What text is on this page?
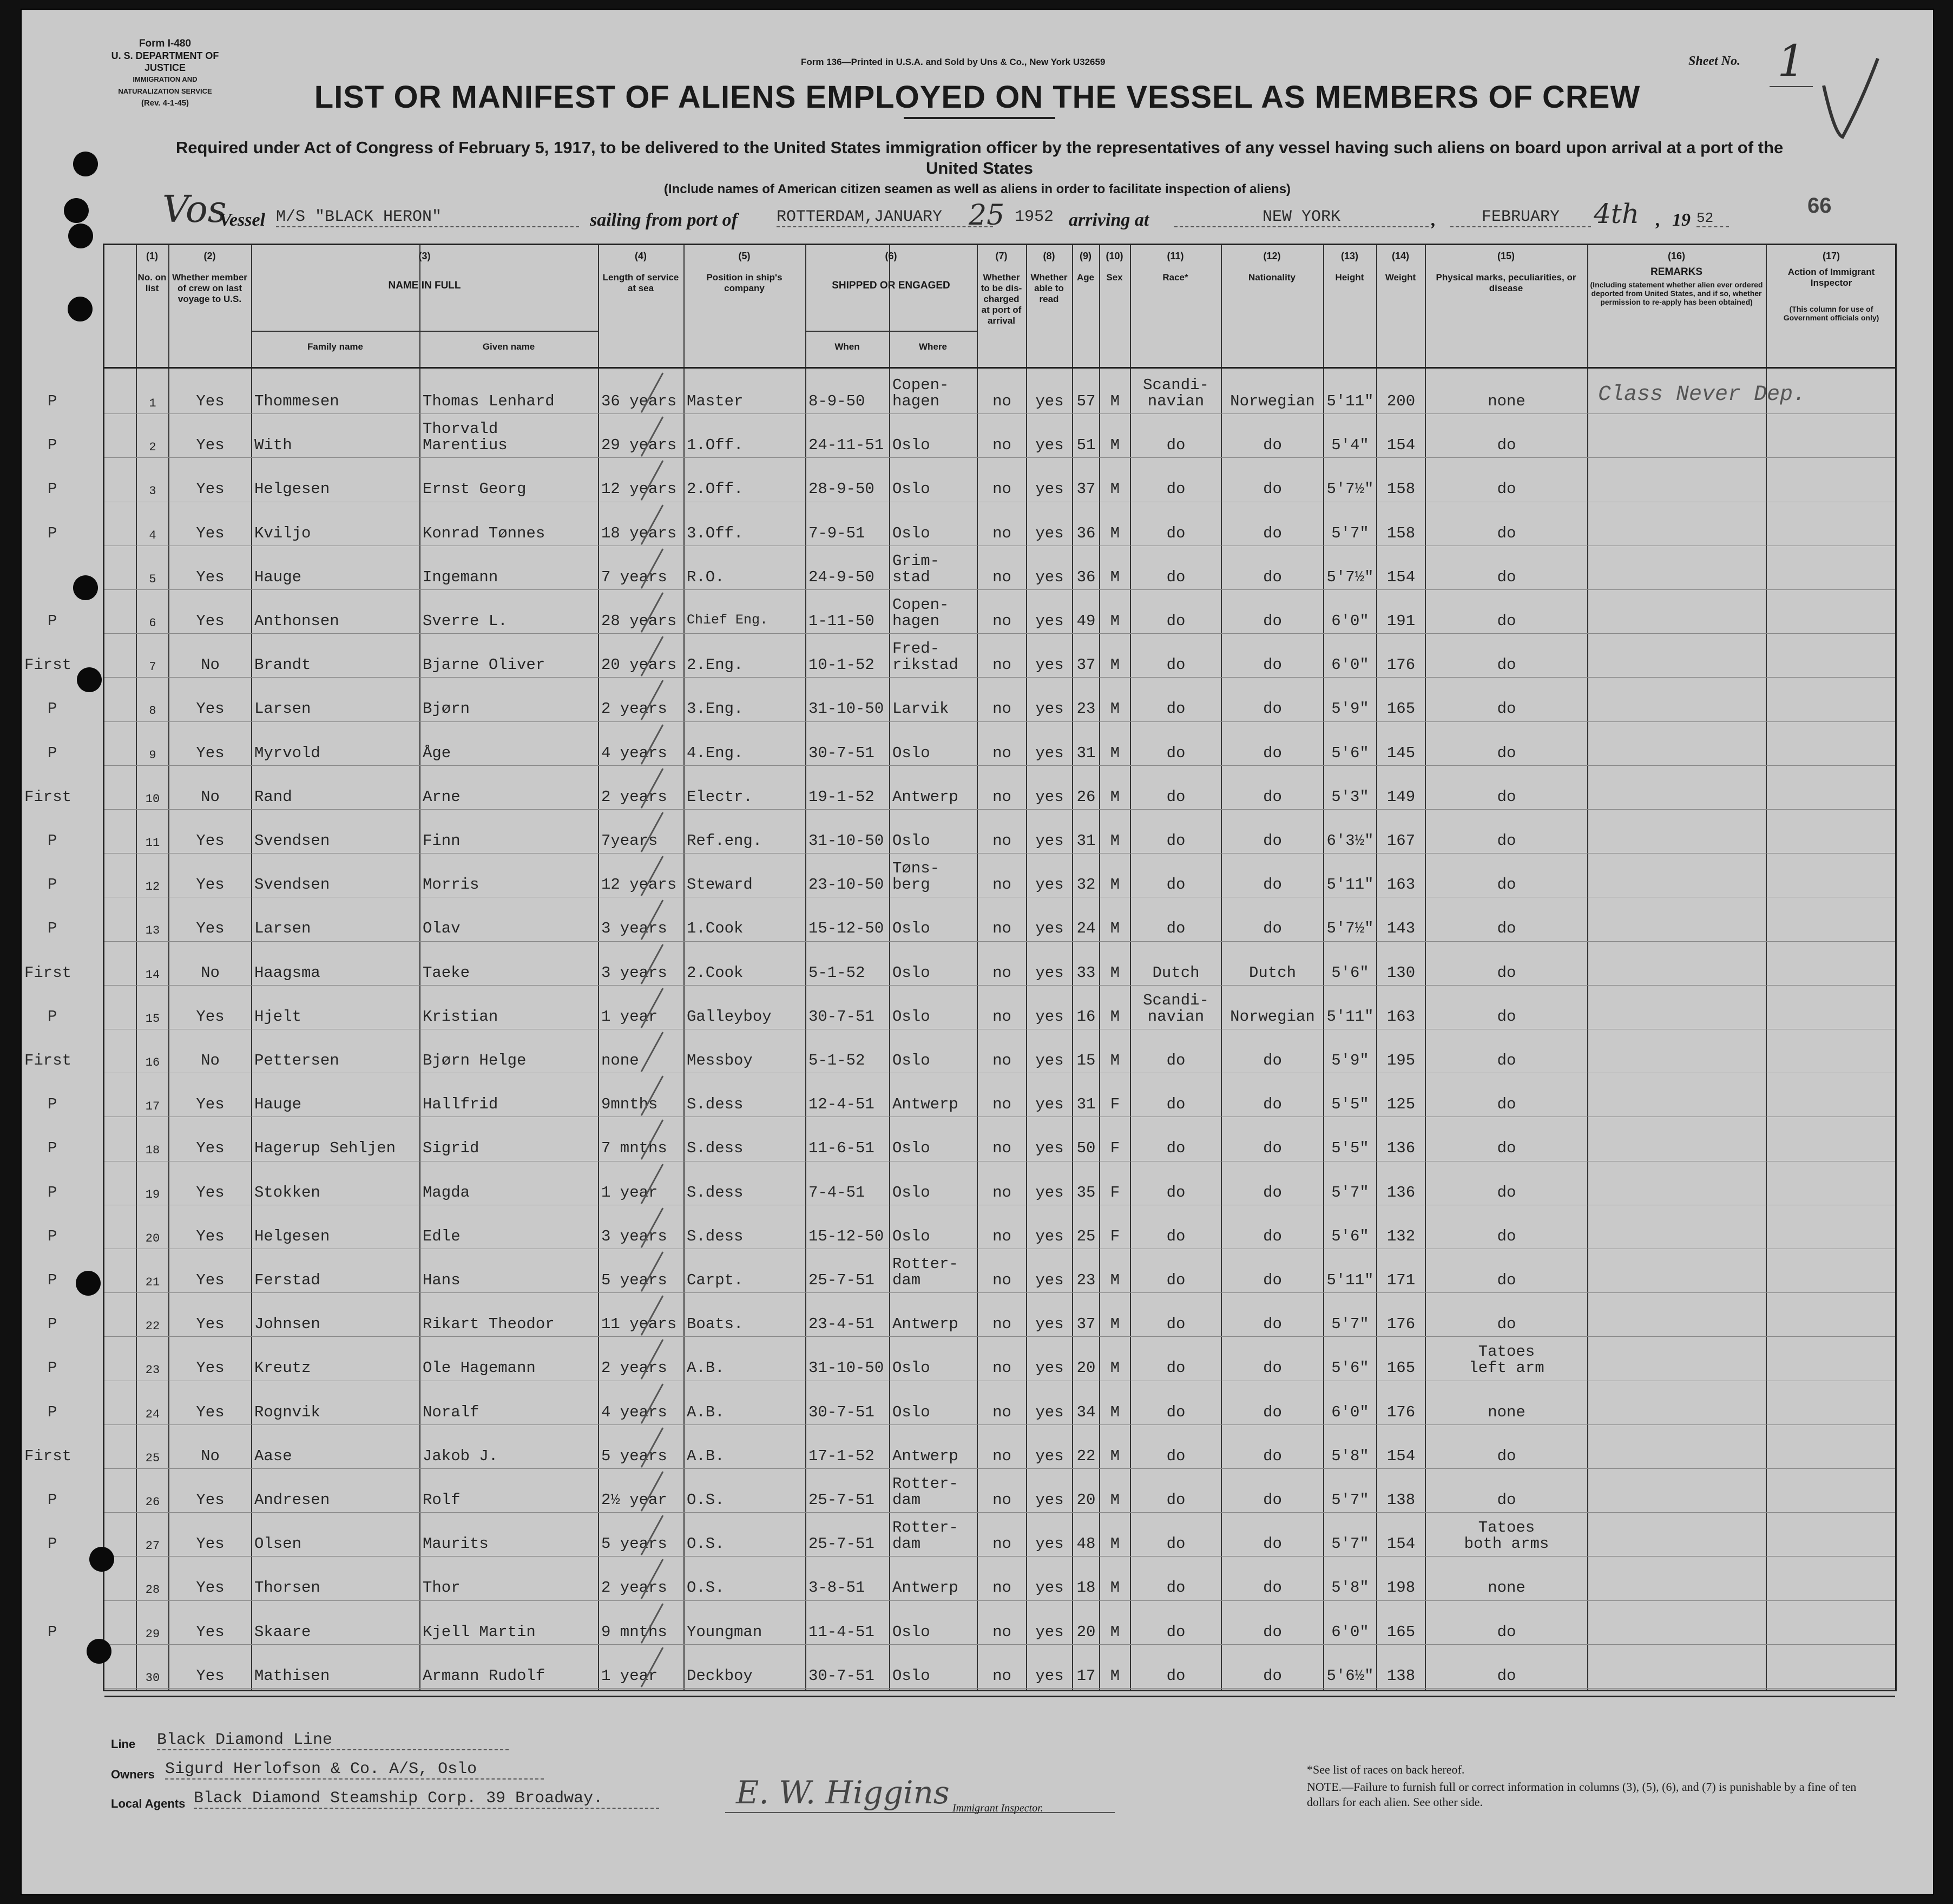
Form I-480
U. S. DEPARTMENT OF JUSTICE
IMMIGRATION AND NATURALIZATION SERVICE
(Rev. 4-1-45)
Form 136—Printed in U.S.A. and Sold by Uns & Co., New York U32659	Sheet No. 1
LIST OR MANIFEST OF ALIENS EMPLOYED ON THE VESSEL AS MEMBERS OF CREW
Required under Act of Congress of February 5, 1917, to be delivered to the United States immigration officer by the representatives of any vessel having such aliens on board upon arrival at a port of the United States
(Include names of American citizen seamen as well as aliens in order to facilitate inspection of aliens)
Vos
Vessel M/S "BLACK HERON"	sailing from port of ROTTERDAM,JANUARY 25 1952 arriving at	NEW YORK	,	FEBRUARY	4th , 19 52
66
(1)
No. on list
(2)
Whether member of crew on last voyage to U.S.
(3)
NAME IN FULL
Family name	Given name
(4)
Length of service at sea
(5)
Position in ship's company
(6)
SHIPPED OR ENGAGED
When	Where
(7)
Whether to be dis-charged at port of arrival
(8)
Whether able to read
(9)
Age
(10)
Sex
(11)
Race*
(12)
Nationality
(13)
Height
(14)
Weight
(15)
Physical marks, peculiarities, or disease
(16)
REMARKS
(Including statement whether alien ever ordered deported from United States, and if so, whether permission to re-apply has been obtained)
(17)
Action of Immigrant Inspector
(This column for use of Government officials only)
1	Yes	Thommesen	Thomas Lenhard	36 years Master	8-9-50
Copen-
hagen	no	yes 57 M
Scandi-
navian	Norwegian 5'11" 200	none	Class Never Dep.
P
2	Yes	With
Thorvald
Marentius	29 years 1.Off.	24-11-51 Oslo	no	yes 51 M	do	do	5'4"	154	do
P
3	Yes	Helgesen	Ernst Georg	12 years 2.Off.	28-9-50	Oslo	no	yes 37 M	do	do	5'7½" 158	do
P
4	Yes	Kviljo	Konrad Tønnes	18 years 3.Off.	7-9-51	Oslo	no	yes 36 M	do	do	5'7"	158	do
P
5	Yes	Hauge	Ingemann	7 years	R.O.	24-9-50
Grim-
stad	no	yes 36 M	do	do	5'7½" 154	do
6	Yes	Anthonsen	Sverre L.	28 years Chief Eng.	1-11-50
Copen-
hagen	no	yes 49 M	do	do	6'0"	191	do
P
7	No	Brandt	Bjarne Oliver	20 years 2.Eng.	10-1-52
Fred-
rikstad	no	yes 37 M	do	do	6'0"	176	do
First
8	Yes	Larsen	Bjørn	2 years	3.Eng.	31-10-50 Larvik	no	yes 23 M	do	do	5'9"	165	do
P
9	Yes	Myrvold	Åge	4 years	4.Eng.	30-7-51	Oslo	no	yes 31 M	do	do	5'6"	145	do
P
10	No	Rand	Arne	2 years	Electr.	19-1-52	Antwerp	no	yes 26 M	do	do	5'3"	149	do
First
11	Yes	Svendsen	Finn	7years	Ref.eng.	31-10-50 Oslo	no	yes 31 M	do	do	6'3½" 167	do
P
12	Yes	Svendsen	Morris	12 years Steward	23-10-50
Tøns-
berg	no	yes 32 M	do	do	5'11" 163	do
P
13	Yes	Larsen	Olav	3 years	1.Cook	15-12-50 Oslo	no	yes 24 M	do	do	5'7½" 143	do
P
14	No	Haagsma	Taeke	3 years	2.Cook	5-1-52	Oslo	no	yes 33 M	Dutch	Dutch	5'6"	130	do
First
15	Yes	Hjelt	Kristian	1 year	Galleyboy	30-7-51	Oslo	no	yes 16 M
Scandi-
navian	Norwegian 5'11" 163	do
P
16	No	Pettersen	Bjørn Helge	none	Messboy	5-1-52	Oslo	no	yes 15 M	do	do	5'9"	195	do
First
17	Yes	Hauge	Hallfrid	9mnths	S.dess	12-4-51	Antwerp	no	yes 31 F	do	do	5'5"	125	do
P
18	Yes	Hagerup Sehljen	Sigrid	7 mnths	S.dess	11-6-51	Oslo	no	yes 50 F	do	do	5'5"	136	do
P
19	Yes	Stokken	Magda	1 year	S.dess	7-4-51	Oslo	no	yes 35 F	do	do	5'7"	136	do
P
20	Yes	Helgesen	Edle	3 years	S.dess	15-12-50 Oslo	no	yes 25 F	do	do	5'6"	132	do
P
21	Yes	Ferstad	Hans	5 years	Carpt.	25-7-51
Rotter-
dam	no	yes 23 M	do	do	5'11" 171	do
P
22	Yes	Johnsen	Rikart Theodor	11 years Boats.	23-4-51	Antwerp	no	yes 37 M	do	do	5'7"	176	do
P
23	Yes	Kreutz	Ole Hagemann	2 years	A.B.	31-10-50 Oslo	no	yes 20 M	do	do	5'6"	165
Tatoes
left arm
P
24	Yes	Rognvik	Noralf	4 years	A.B.	30-7-51	Oslo	no	yes 34 M	do	do	6'0"	176	none
P
25	No	Aase	Jakob J.	5 years	A.B.	17-1-52	Antwerp	no	yes 22 M	do	do	5'8"	154	do
First
26	Yes	Andresen	Rolf	2½ year	O.S.	25-7-51
Rotter-
dam	no	yes 20 M	do	do	5'7"	138	do
P
27	Yes	Olsen	Maurits	5 years	O.S.	25-7-51
Rotter-
dam	no	yes 48 M	do	do	5'7"	154
Tatoes
both arms
P
28	Yes	Thorsen	Thor	2 years	O.S.	3-8-51	Antwerp	no	yes 18 M	do	do	5'8"	198	none
29	Yes	Skaare	Kjell Martin	9 mnths	Youngman	11-4-51	Oslo	no	yes 20 M	do	do	6'0"	165	do
P
30	Yes	Mathisen	Armann Rudolf	1 year	Deckboy	30-7-51	Oslo	no	yes 17 M	do	do	5'6½" 138	do
Line Black Diamond Line
Owners Sigurd Herlofson & Co. A/S, Oslo
Local Agents Black Diamond Steamship Corp. 39 Broadway.	E. W. Higgins Immigrant Inspector.
*See list of races on back hereof.
NOTE.—Failure to furnish full or correct information in columns (3), (5), (6), and (7) is punishable by a fine of ten dollars for each alien. See other side.
